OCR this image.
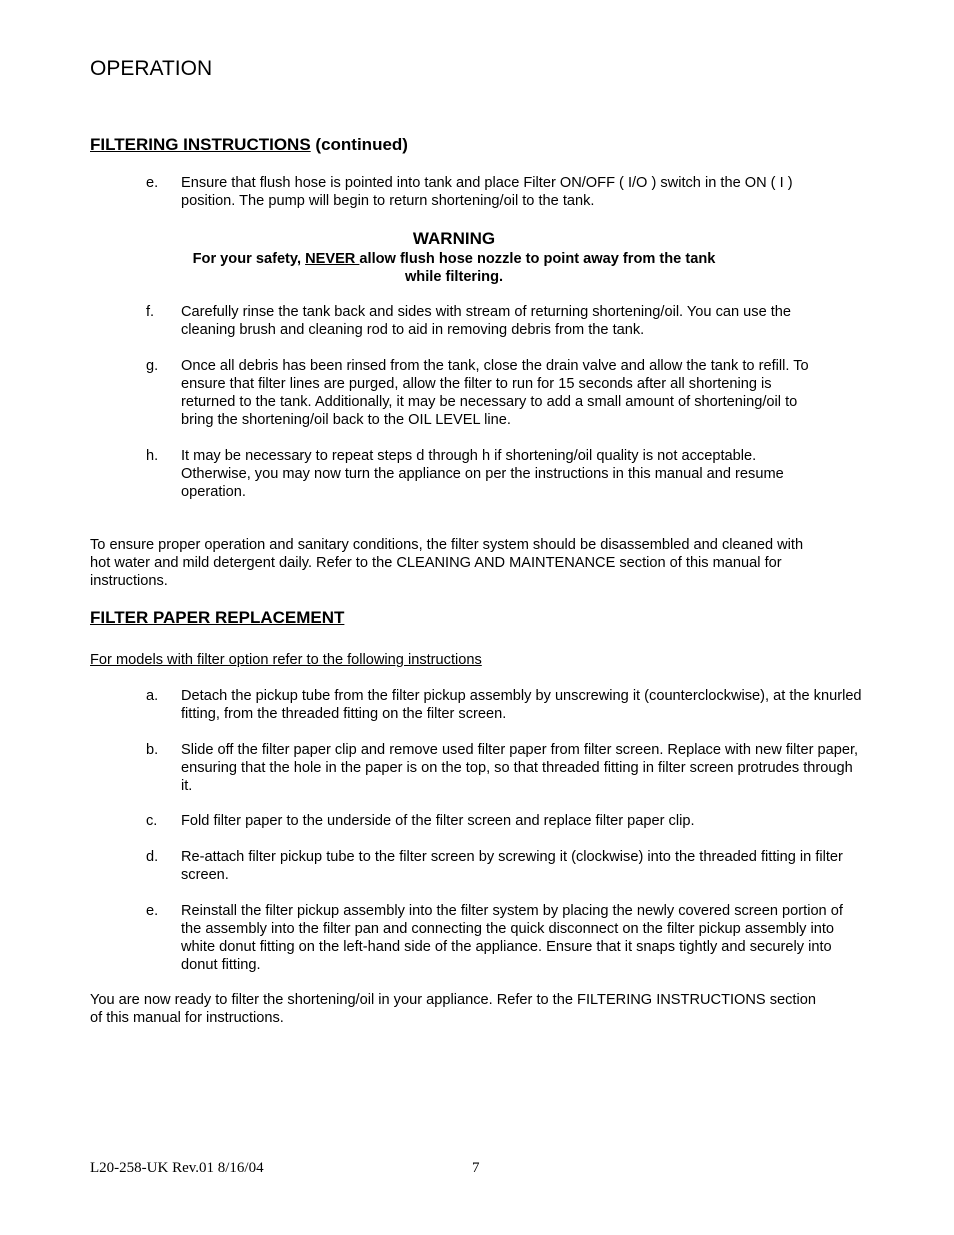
OPERATION
FILTERING INSTRUCTIONS (continued)
e. Ensure that flush hose is pointed into tank and place Filter ON/OFF ( I/O ) switch in the ON ( I ) position. The pump will begin to return shortening/oil to the tank.
WARNING
For your safety, NEVER allow flush hose nozzle to point away from the tank while filtering.
f. Carefully rinse the tank back and sides with stream of returning shortening/oil. You can use the cleaning brush and cleaning rod to aid in removing debris from the tank.
g. Once all debris has been rinsed from the tank, close the drain valve and allow the tank to refill. To ensure that filter lines are purged, allow the filter to run for 15 seconds after all shortening is returned to the tank. Additionally, it may be necessary to add a small amount of shortening/oil to bring the shortening/oil back to the OIL LEVEL line.
h. It may be necessary to repeat steps d through h if shortening/oil quality is not acceptable. Otherwise, you may now turn the appliance on per the instructions in this manual and resume operation.
To ensure proper operation and sanitary conditions, the filter system should be disassembled and cleaned with hot water and mild detergent daily. Refer to the CLEANING AND MAINTENANCE section of this manual for instructions.
FILTER PAPER REPLACEMENT
For models with filter option refer to the following instructions
a. Detach the pickup tube from the filter pickup assembly by unscrewing it (counterclockwise), at the knurled fitting, from the threaded fitting on the filter screen.
b. Slide off the filter paper clip and remove used filter paper from filter screen. Replace with new filter paper, ensuring that the hole in the paper is on the top, so that threaded fitting in filter screen protrudes through it.
c. Fold filter paper to the underside of the filter screen and replace filter paper clip.
d. Re-attach filter pickup tube to the filter screen by screwing it (clockwise) into the threaded fitting in filter screen.
e. Reinstall the filter pickup assembly into the filter system by placing the newly covered screen portion of the assembly into the filter pan and connecting the quick disconnect on the filter pickup assembly into white donut fitting on the left-hand side of the appliance. Ensure that it snaps tightly and securely into donut fitting.
You are now ready to filter the shortening/oil in your appliance. Refer to the FILTERING INSTRUCTIONS section of this manual for instructions.
L20-258-UK Rev.01 8/16/04	7
